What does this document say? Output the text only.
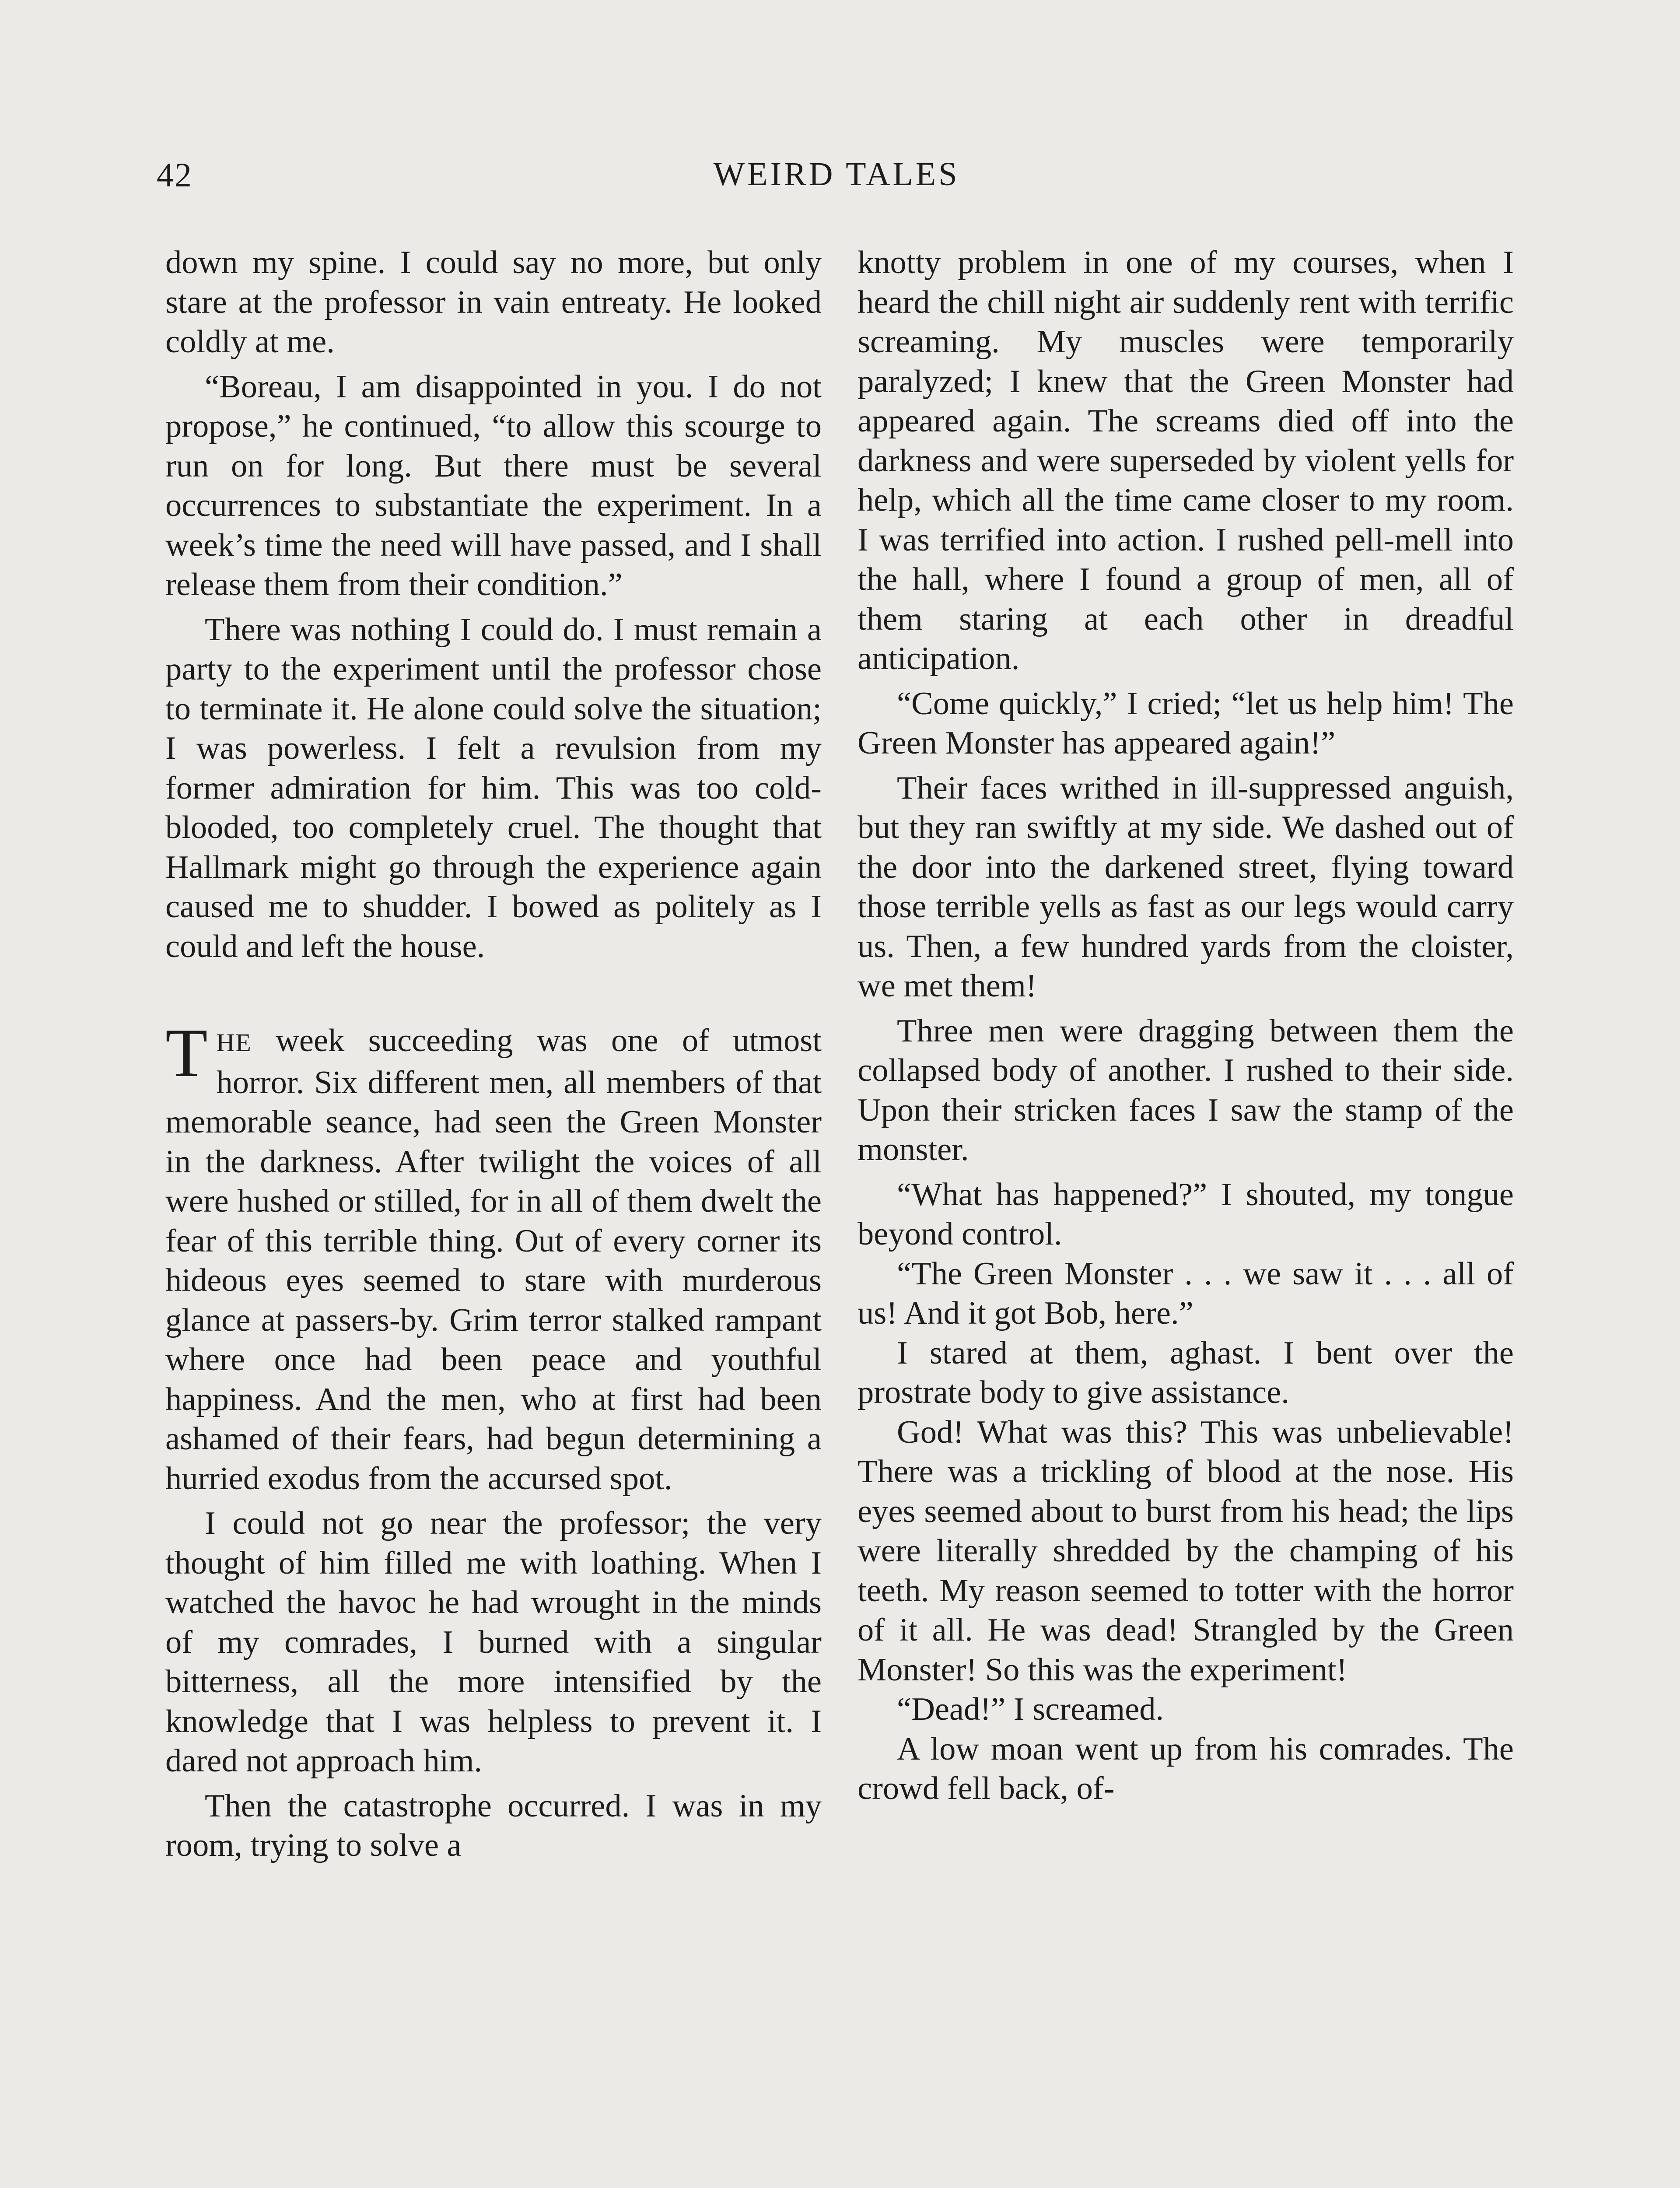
42	WEIRD TALES

down my spine. I could say no more, but only stare at the professor in vain entreaty. He looked coldly at me.

“Boreau, I am disappointed in you. I do not propose,” he continued, “to allow this scourge to run on for long. But there must be several occurrences to substantiate the experiment. In a week’s time the need will have passed, and I shall release them from their condition.”

There was nothing I could do. I must remain a party to the experiment until the professor chose to terminate it. He alone could solve the situation; I was powerless. I felt a revulsion from my former admiration for him. This was too cold-blooded, too completely cruel. The thought that Hallmark might go through the experience again caused me to shudder. I bowed as politely as I could and left the house.

THE week succeeding was one of utmost horror. Six different men, all members of that memorable seance, had seen the Green Monster in the darkness. After twilight the voices of all were hushed or stilled, for in all of them dwelt the fear of this terrible thing. Out of every corner its hideous eyes seemed to stare with murderous glance at passers-by. Grim terror stalked rampant where once had been peace and youthful happiness. And the men, who at first had been ashamed of their fears, had begun determining a hurried exodus from the accursed spot.

I could not go near the professor; the very thought of him filled me with loathing. When I watched the havoc he had wrought in the minds of my comrades, I burned with a singular bitterness, all the more intensified by the knowledge that I was helpless to prevent it. I dared not approach him.

Then the catastrophe occurred. I was in my room, trying to solve a

knotty problem in one of my courses, when I heard the chill night air suddenly rent with terrific screaming. My muscles were temporarily paralyzed; I knew that the Green Monster had appeared again. The screams died off into the darkness and were superseded by violent yells for help, which all the time came closer to my room. I was terrified into action. I rushed pell-mell into the hall, where I found a group of men, all of them staring at each other in dreadful anticipation.

“Come quickly,” I cried; “let us help him! The Green Monster has appeared again!”

Their faces writhed in ill-suppressed anguish, but they ran swiftly at my side. We dashed out of the door into the darkened street, flying toward those terrible yells as fast as our legs would carry us. Then, a few hundred yards from the cloister, we met them!

Three men were dragging between them the collapsed body of another. I rushed to their side. Upon their stricken faces I saw the stamp of the monster.

“What has happened?” I shouted, my tongue beyond control.

“The Green Monster . . . we saw it . . . all of us! And it got Bob, here.”

I stared at them, aghast. I bent over the prostrate body to give assistance.

God! What was this? This was unbelievable! There was a trickling of blood at the nose. His eyes seemed about to burst from his head; the lips were literally shredded by the champing of his teeth. My reason seemed to totter with the horror of it all. He was dead! Strangled by the Green Monster! So this was the experiment!

“Dead!” I screamed.

A low moan went up from his comrades. The crowd fell back, of-
